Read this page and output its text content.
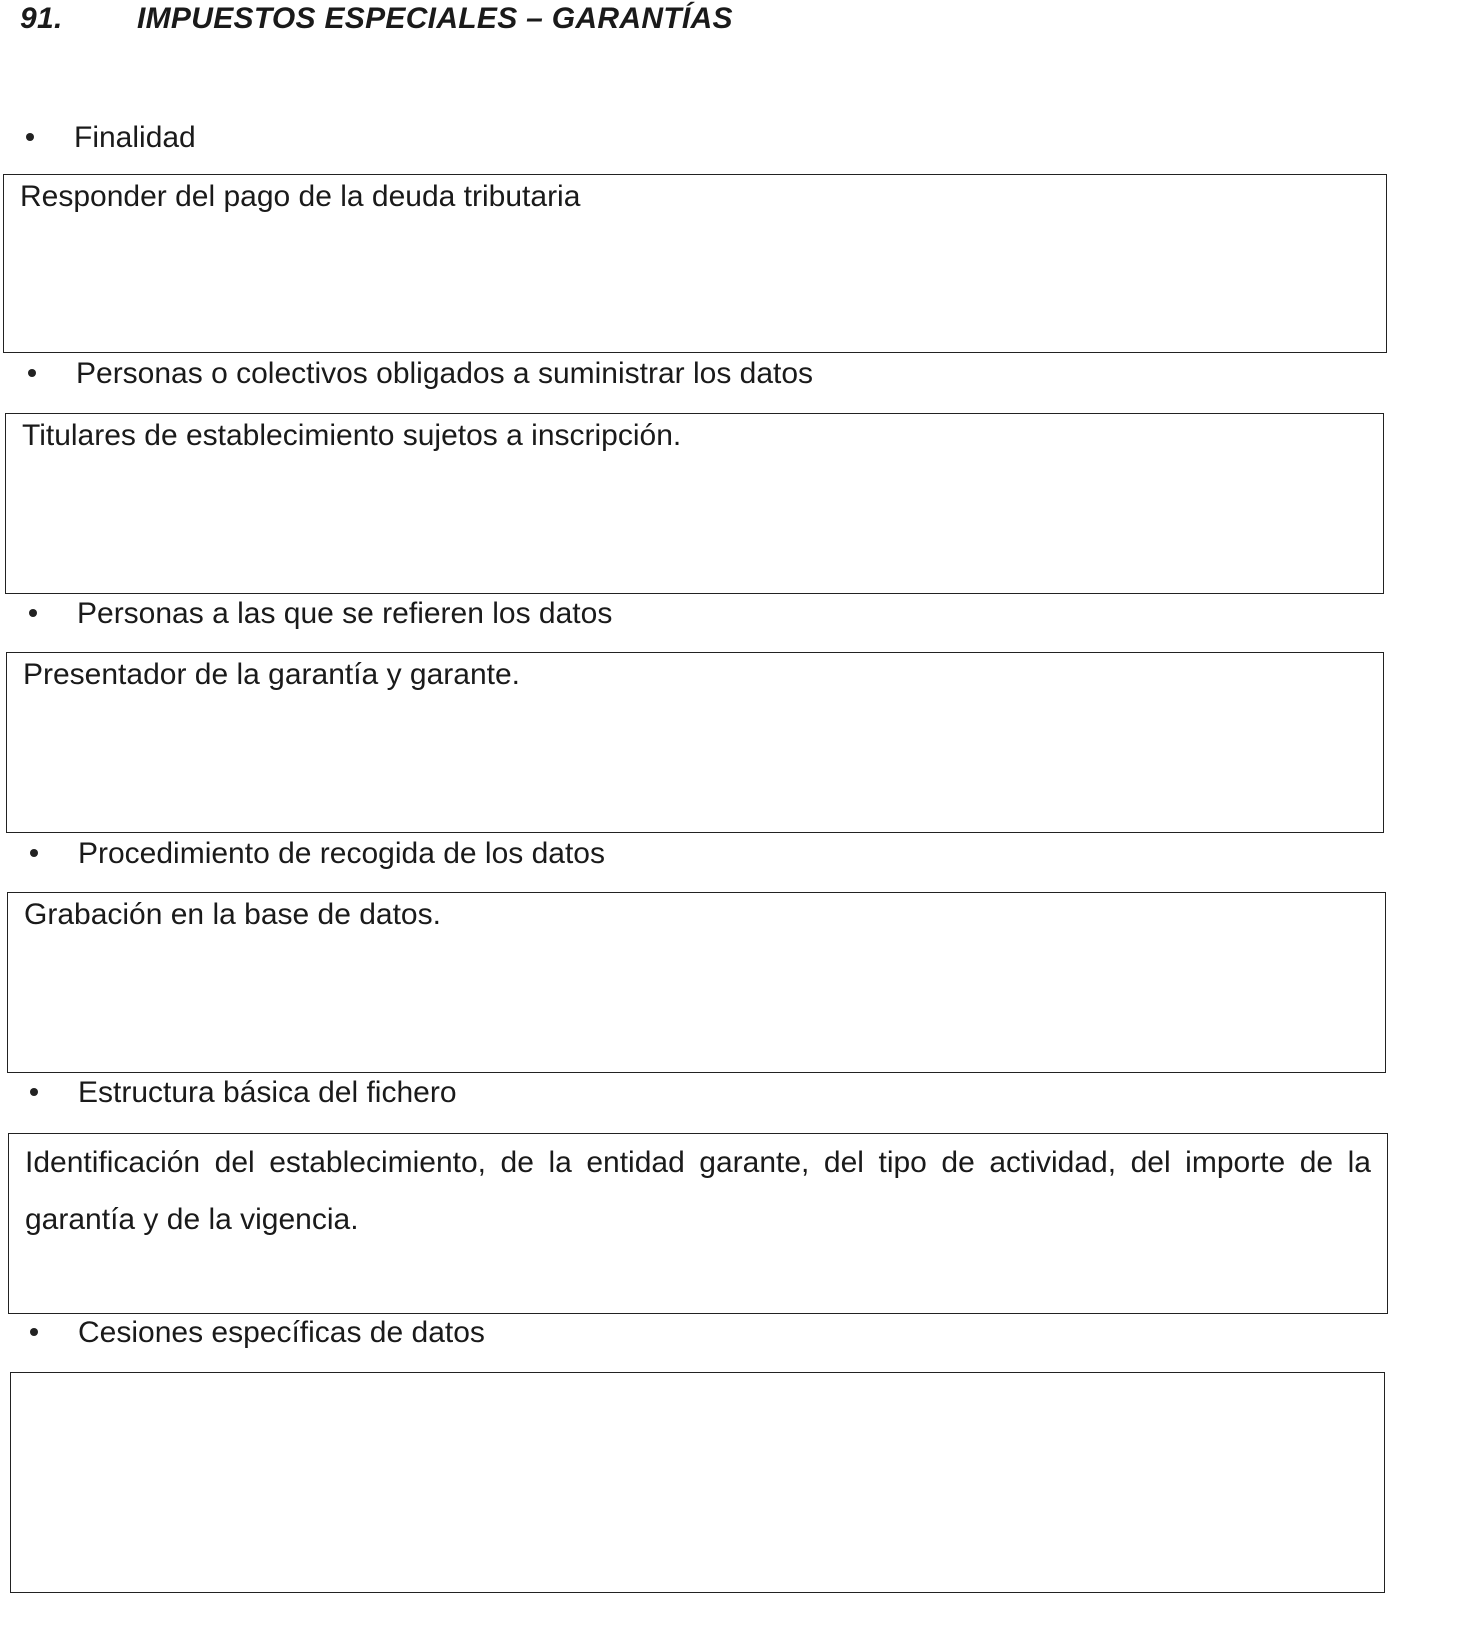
91. IMPUESTOS ESPECIALES – GARANTÍAS
Finalidad
Responder del pago de la deuda tributaria
Personas o colectivos obligados a suministrar los datos
Titulares de establecimiento sujetos a inscripción.
Personas a las que se refieren los datos
Presentador de la garantía y garante.
Procedimiento de recogida de los datos
Grabación en la base de datos.
Estructura básica del fichero
Identificación del establecimiento, de la entidad garante, del tipo de actividad, del importe de la garantía y de la vigencia.
Cesiones específicas de datos
